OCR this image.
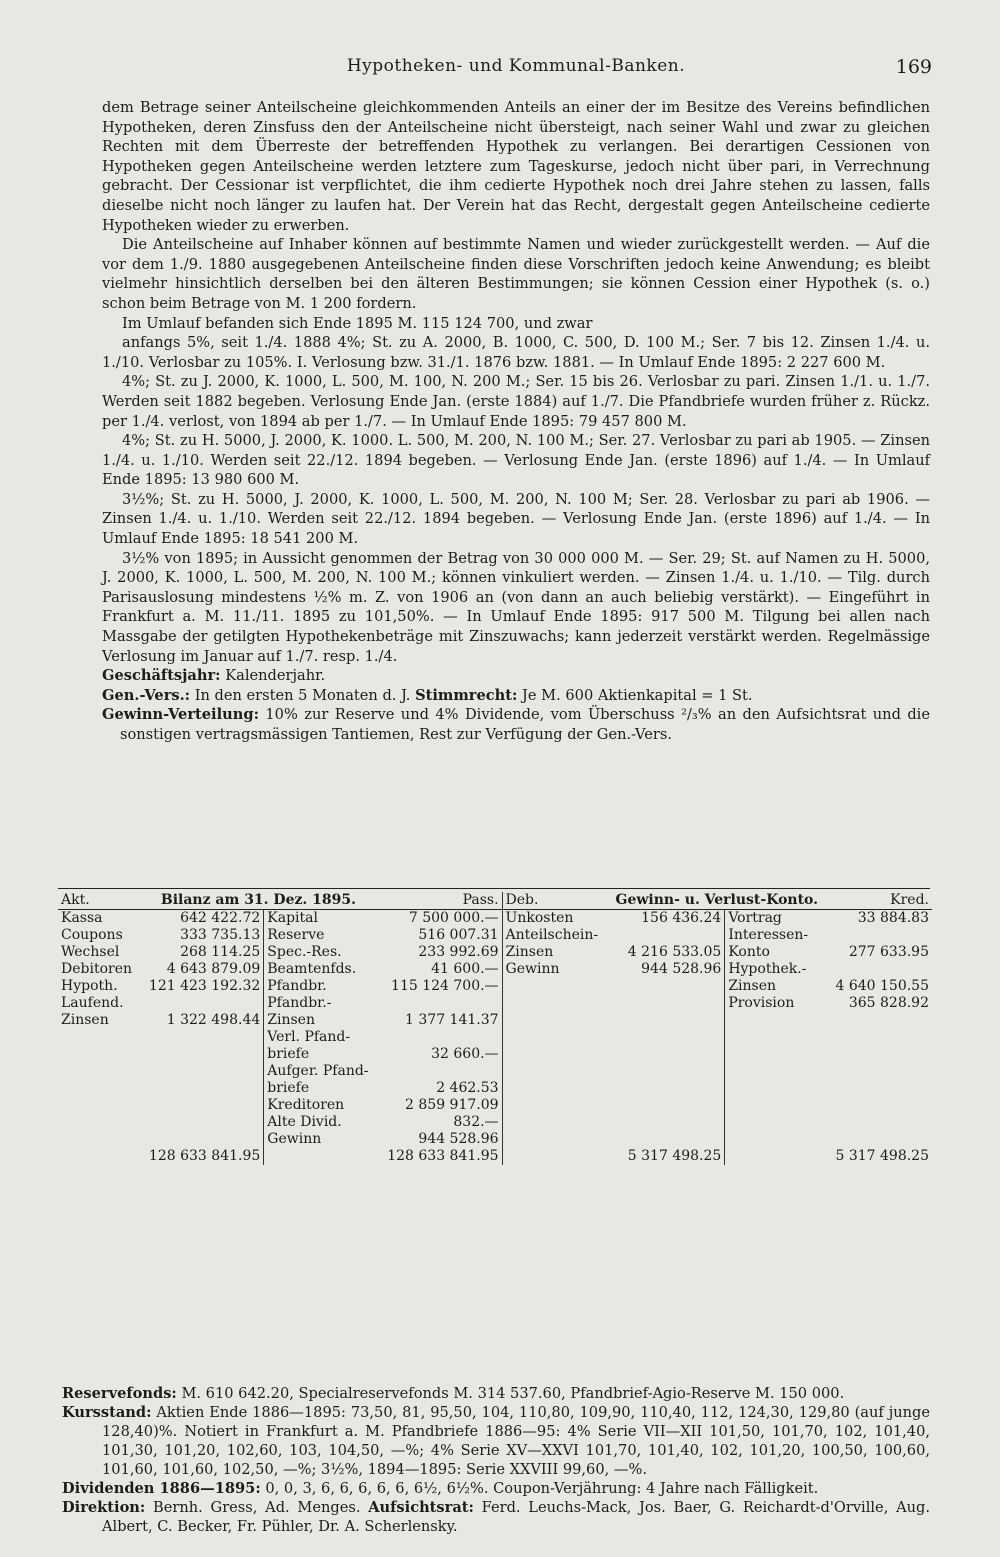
Hypotheken- und Kommunal-Banken.	169

dem Betrage seiner Anteilscheine gleichkommenden Anteils an einer der im Besitze des Vereins befindlichen Hypotheken, deren Zinsfuss den der Anteilscheine nicht übersteigt, nach seiner Wahl und zwar zu gleichen Rechten mit dem Überreste der betreffenden Hypothek zu verlangen. Bei derartigen Cessionen von Hypotheken gegen Anteilscheine werden letztere zum Tageskurse, jedoch nicht über pari, in Verrechnung gebracht. Der Cessionar ist verpflichtet, die ihm cedierte Hypothek noch drei Jahre stehen zu lassen, falls dieselbe nicht noch länger zu laufen hat. Der Verein hat das Recht, dergestalt gegen Anteilscheine cedierte Hypotheken wieder zu erwerben.

Die Anteilscheine auf Inhaber können auf bestimmte Namen und wieder zurückgestellt werden. — Auf die vor dem 1./9. 1880 ausgegebenen Anteilscheine finden diese Vorschriften jedoch keine Anwendung; es bleibt vielmehr hinsichtlich derselben bei den älteren Bestimmungen; sie können Cession einer Hypothek (s. o.) schon beim Betrage von M. 1 200 fordern.

Im Umlauf befanden sich Ende 1895 M. 115 124 700, und zwar

anfangs 5%, seit 1./4. 1888 4%; St. zu A. 2000, B. 1000, C. 500, D. 100 M.; Ser. 7 bis 12. Zinsen 1./4. u. 1./10. Verlosbar zu 105%. I. Verlosung bzw. 31./1. 1876 bzw. 1881. — In Umlauf Ende 1895: 2 227 600 M.

4%; St. zu J. 2000, K. 1000, L. 500, M. 100, N. 200 M.; Ser. 15 bis 26. Verlosbar zu pari. Zinsen 1./1. u. 1./7. Werden seit 1882 begeben. Verlosung Ende Jan. (erste 1884) auf 1./7. Die Pfandbriefe wurden früher z. Rückz. per 1./4. verlost, von 1894 ab per 1./7. — In Umlauf Ende 1895: 79 457 800 M.

4%; St. zu H. 5000, J. 2000, K. 1000. L. 500, M. 200, N. 100 M.; Ser. 27. Verlosbar zu pari ab 1905. — Zinsen 1./4. u. 1./10. Werden seit 22./12. 1894 begeben. — Verlosung Ende Jan. (erste 1896) auf 1./4. — In Umlauf Ende 1895: 13 980 600 M.

3½%; St. zu H. 5000, J. 2000, K. 1000, L. 500, M. 200, N. 100 M; Ser. 28. Verlosbar zu pari ab 1906. — Zinsen 1./4. u. 1./10. Werden seit 22./12. 1894 begeben. — Verlosung Ende Jan. (erste 1896) auf 1./4. — In Umlauf Ende 1895: 18 541 200 M.

3½% von 1895; in Aussicht genommen der Betrag von 30 000 000 M. — Ser. 29; St. auf Namen zu H. 5000, J. 2000, K. 1000, L. 500, M. 200, N. 100 M.; können vinkuliert werden. — Zinsen 1./4. u. 1./10. — Tilg. durch Parisauslosung mindestens ½% m. Z. von 1906 an (von dann an auch beliebig verstärkt). — Eingeführt in Frankfurt a. M. 11./11. 1895 zu 101,50%. — In Umlauf Ende 1895: 917 500 M. Tilgung bei allen nach Massgabe der getilgten Hypothekenbeträge mit Zinszuwachs; kann jederzeit verstärkt werden. Regelmässige Verlosung im Januar auf 1./7. resp. 1./4.

Geschäftsjahr: Kalenderjahr.

Gen.-Vers.: In den ersten 5 Monaten d. J. Stimmrecht: Je M. 600 Aktienkapital = 1 St.

Gewinn-Verteilung: 10% zur Reserve und 4% Dividende, vom Überschuss ²/₃% an den Aufsichtsrat und die sonstigen vertragsmässigen Tantiemen, Rest zur Verfügung der Gen.-Vers.

Akt.	Bilanz am 31. Dez. 1895.		Pass.	Deb.	Gewinn- u. Verlust-Konto.		Kred.
Kassa	642 422.72	Kapital	7 500 000.—	Unkosten	156 436.24	Vortrag	33 884.83
Coupons	333 735.13	Reserve	516 007.31	Anteilschein-		Interessen-	
Wechsel	268 114.25	Spec.-Res.	233 992.69	Zinsen	4 216 533.05	Konto	277 633.95
Debitoren	4 643 879.09	Beamtenfds.	41 600.—	Gewinn	944 528.96	Hypothek.-	
Hypoth.	121 423 192.32	Pfandbr.	115 124 700.—			Zinsen	4 640 150.55
Laufend.		Pfandbr.-				Provision	365 828.92
Zinsen	1 322 498.44	Zinsen	1 377 141.37				
		Verl. Pfand-					
		briefe	32 660.—				
		Aufger. Pfand-					
		briefe	2 462.53				
		Kreditoren	2 859 917.09				
		Alte Divid.	832.—				
		Gewinn	944 528.96				
	128 633 841.95		128 633 841.95		5 317 498.25		5 317 498.25

Reservefonds: M. 610 642.20, Specialreservefonds M. 314 537.60, Pfandbrief-Agio-Reserve M. 150 000.

Kursstand: Aktien Ende 1886—1895: 73,50, 81, 95,50, 104, 110,80, 109,90, 110,40, 112, 124,30, 129,80 (auf junge 128,40)%. Notiert in Frankfurt a. M. Pfandbriefe 1886—95: 4% Serie VII—XII 101,50, 101,70, 102, 101,40, 101,30, 101,20, 102,60, 103, 104,50, —%; 4% Serie XV—XXVI 101,70, 101,40, 102, 101,20, 100,50, 100,60, 101,60, 101,60, 102,50, —%; 3½%, 1894—1895: Serie XXVIII 99,60, —%.

Dividenden 1886—1895: 0, 0, 3, 6, 6, 6, 6, 6, 6½, 6½%. Coupon-Verjährung: 4 Jahre nach Fälligkeit.

Direktion: Bernh. Gress, Ad. Menges. Aufsichtsrat: Ferd. Leuchs-Mack, Jos. Baer, G. Reichardt-d'Orville, Aug. Albert, C. Becker, Fr. Pühler, Dr. A. Scherlensky.
